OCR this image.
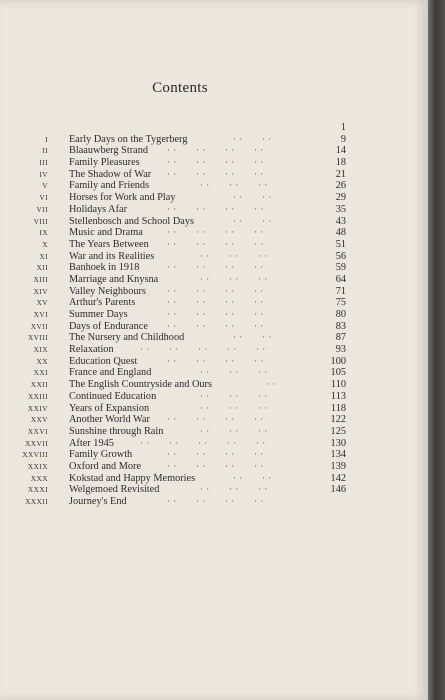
Contents
1
I Early Days on the Tygerberg	· ·       · ·	9
II Blaauwberg Strand · ·       · ·       · ·       · ·	14
III Family Pleasures	· ·       · ·       · ·       · ·	18
IV The Shadow of War · ·       · ·       · ·       · ·	21
V Family and Friends	· ·       · ·       · ·	26
VI Horses for Work and Play	· ·       · ·	29
VII Holidays Afar	· ·       · ·       · ·       · ·	35
VIII Stellenbosch and School Days	· ·       · ·	43
IX Music and Drama	· ·       · ·       · ·       · ·	48
X The Years Between · ·       · ·       · ·       · ·	51
XI War and its Realities	· ·       · ·       · ·	56
XII Banhoek in 1918	· ·       · ·       · ·       · ·	59
XIII Marriage and Knysna	· ·       · ·       · ·	64
XIV Valley Neighbours · ·       · ·       · ·       · ·	71
XV Arthur's Parents	· ·       · ·       · ·       · ·	75
XVI Summer Days	· ·       · ·       · ·       · ·	80
XVII Days of Endurance · ·       · ·       · ·       · ·	83
XVIII The Nursery and Childhood	· ·       · ·	87
XIX Relaxation	· ·       · ·       · ·       · ·       · ·	93
XX Education Quest	· ·       · ·       · ·       · ·	100
XXI France and England	· ·       · ·       · ·	105
XXII The English Countryside and Ours	· ·	110
XXIII Continued Education	· ·       · ·       · ·	113
XXIV Years of Expansion	· ·       · ·       · ·	118
XXV Another World War · ·       · ·       · ·       · ·	122
XXVI Sunshine through Rain	· ·       · ·       · ·	125
XXVII After 1945	· ·       · ·       · ·       · ·       · ·	130
XXVIII Family Growth	· ·       · ·       · ·       · ·	134
XXIX Oxford and More	· ·       · ·       · ·       · ·	139
XXX Kokstad and Happy Memories	· ·       · ·	142
XXXI Welgemoed Revisited	· ·       · ·       · ·	146
XXXII Journey's End	· ·       · ·       · ·       · ·
